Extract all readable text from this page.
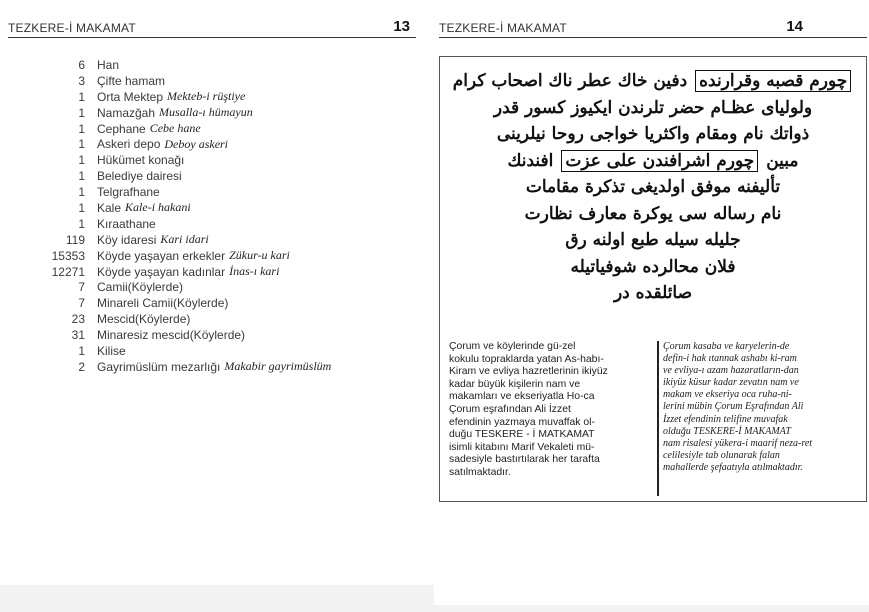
TEZKERE-İ MAKAMAT	13
6	Han
3	Çifte hamam
1	Orta Mektep Mekteb-i rüştiye
1	Namazğah Musalla-ı hümayun
1	Cephane Cebe hane
1	Askeri depo Deboy askeri
1	Hükümet konağı
1	Belediye dairesi
1	Telgrafhane
1	Kale Kale-i hakani
1	Kıraathane
119	Köy idaresi Kari idari
15353	Köyde yaşayan erkekler Zükur-u kari
12271	Köyde yaşayan kadınlar İnas-ı kari
7	Camii(Köylerde)
7	Minareli Camii(Köylerde)
23	Mescid(Köylerde)
31	Minaresiz mescid(Köylerde)
1	Kilise
2	Gayrimüslüm mezarlığı Makabir gayrimüslüm
TEZKERE-İ MAKAMAT	14
چورم قصبه وقرارنده دفين خاك عطر ناك اصحاب كرام
ولوليای عظـام حضر تلرندن ايكيوز كسور قدر
ذواتك نام ومقام واكثريا خواجى روحا نيلرينى
مبين چورم اشرافندن على عزت افندنك
تأليفنه موفق اولديغى تذكرة مقامات
نام رساله سى يوكرة معارف نظارت
جليله سيله طبع اولنه رق
فلان محالرده شوفياتيله
صائلقده در
Çorum ve köylerinde gü-zel
kokulu topraklarda yatan As-habı-
Kiram ve evliya hazretlerinin ikiyüz
kadar büyük kişilerin nam ve
makamları ve ekseriyatla Ho-ca
Çorum eşrafından Ali İzzet
efendinin yazmaya muvaffak ol-
duğu TESKERE - İ MATKAMAT
isimli kitabını Marif Vekaleti mü-
sadesiyle bastırtılarak her tarafta
satılmaktadır.
Çorum kasaba ve karyelerin-de
defin-i hak ıtannak ashabı ki-ram
ve evliya-ı azam hazaratların-dan
ikiyüz küsur kadar zevatın nam ve
makam ve ekseriya oca ruha-ni-
lerini mübin Çorum Eşrafından Ali
İzzet efendinin telifine muvafak
olduğu TESKERE-İ MAKAMAT
nam risalesi yükera-i maarif neza-ret
celilesiyle tab olunarak falan
mahallerde şefaatıyla atılmaktadır.
